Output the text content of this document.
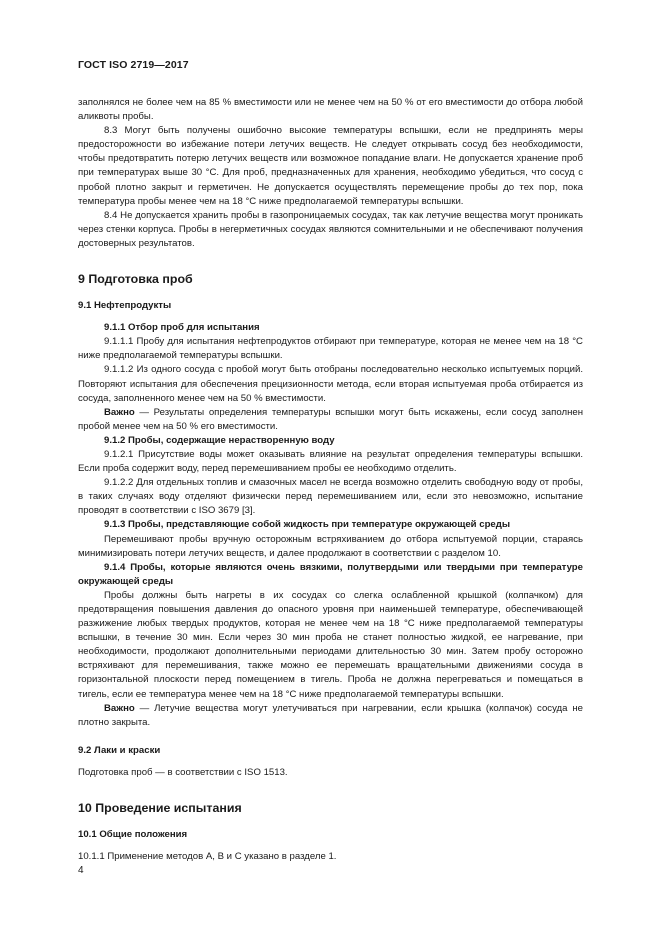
ГОСТ ISO 2719—2017

заполнялся не более чем на 85 % вместимости или не менее чем на 50 % от его вместимости до отбора любой аликвоты пробы.

8.3 Могут быть получены ошибочно высокие температуры вспышки, если не предпринять меры предосторожности во избежание потери летучих веществ. Не следует открывать сосуд без необходимости, чтобы предотвратить потерю летучих веществ или возможное попадание влаги. Не допускается хранение проб при температурах выше 30 °С. Для проб, предназначенных для хранения, необходимо убедиться, что сосуд с пробой плотно закрыт и герметичен. Не допускается осуществлять перемещение пробы до тех пор, пока температура пробы менее чем на 18 °С ниже предполагаемой температуры вспышки.

8.4 Не допускается хранить пробы в газопроницаемых сосудах, так как летучие вещества могут проникать через стенки корпуса. Пробы в негерметичных сосудах являются сомнительными и не обеспечивают получения достоверных результатов.

9 Подготовка проб
9.1 Нефтепродукты

9.1.1 Отбор проб для испытания

9.1.1.1 Пробу для испытания нефтепродуктов отбирают при температуре, которая не менее чем на 18 °С ниже предполагаемой температуры вспышки.

9.1.1.2 Из одного сосуда с пробой могут быть отобраны последовательно несколько испытуемых порций. Повторяют испытания для обеспечения прецизионности метода, если вторая испытуемая проба отбирается из сосуда, заполненного менее чем на 50 % вместимости.

Важно — Результаты определения температуры вспышки могут быть искажены, если сосуд заполнен пробой менее чем на 50 % его вместимости.

9.1.2 Пробы, содержащие нерастворенную воду

9.1.2.1 Присутствие воды может оказывать влияние на результат определения температуры вспышки. Если проба содержит воду, перед перемешиванием пробы ее необходимо отделить.

9.1.2.2 Для отдельных топлив и смазочных масел не всегда возможно отделить свободную воду от пробы, в таких случаях воду отделяют физически перед перемешиванием или, если это невозможно, испытание проводят в соответствии с ISO 3679 [3].

9.1.3 Пробы, представляющие собой жидкость при температуре окружающей среды

Перемешивают пробы вручную осторожным встряхиванием до отбора испытуемой порции, стараясь минимизировать потери летучих веществ, и далее продолжают в соответствии с разделом 10.

9.1.4 Пробы, которые являются очень вязкими, полутвердыми или твердыми при температуре окружающей среды

Пробы должны быть нагреты в их сосудах со слегка ослабленной крышкой (колпачком) для предотвращения повышения давления до опасного уровня при наименьшей температуре, обеспечивающей разжижение любых твердых продуктов, которая не менее чем на 18 °С ниже предполагаемой температуры вспышки, в течение 30 мин. Если через 30 мин проба не станет полностью жидкой, ее нагревание, при необходимости, продолжают дополнительными периодами длительностью 30 мин. Затем пробу осторожно встряхивают для перемешивания, также можно ее перемешать вращательными движениями сосуда в горизонтальной плоскости перед помещением в тигель. Проба не должна перегреваться и помещаться в тигель, если ее температура менее чем на 18 °С ниже предполагаемой температуры вспышки.

Важно — Летучие вещества могут улетучиваться при нагревании, если крышка (колпачок) сосуда не плотно закрыта.

9.2 Лаки и краски

Подготовка проб — в соответствии с ISO 1513.

10 Проведение испытания
10.1 Общие положения

10.1.1 Применение методов А, В и С указано в разделе 1.

4
